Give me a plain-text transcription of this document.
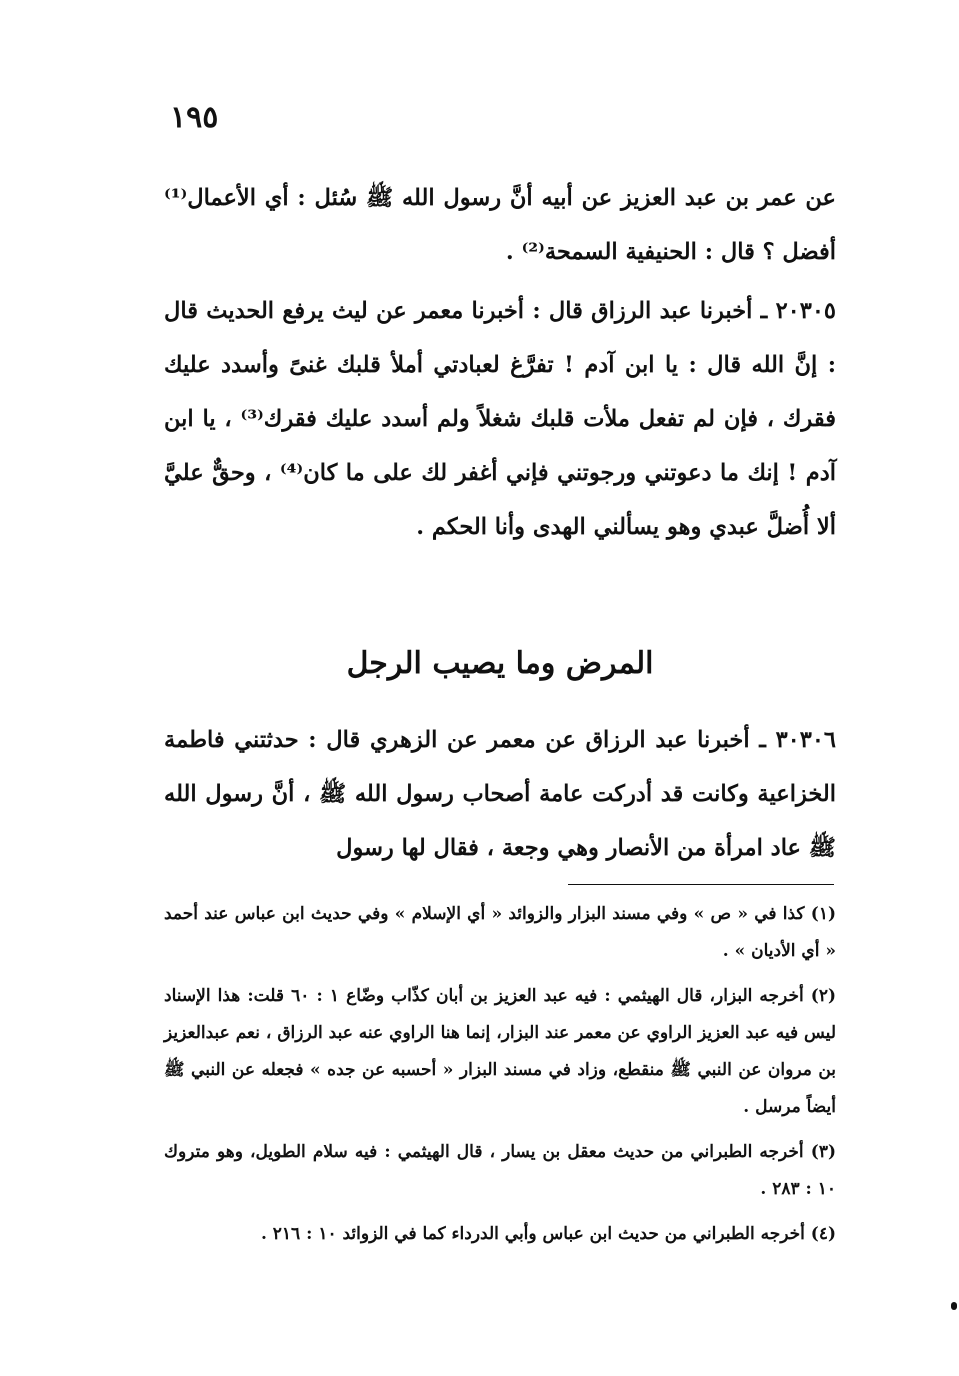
١٩٥

عن عمر بن عبد العزيز عن أبيه أنَّ رسول الله ﷺ سُئل : أي الأعمال⁽¹⁾ أفضل ؟ قال : الحنيفية السمحة⁽²⁾ .

٢٠٣٠٥ ـ أخبرنا عبد الرزاق قال : أخبرنا معمر عن ليث يرفع الحديث قال : إنَّ الله قال : يا ابن آدم ! تفرَّغ لعبادتي أملأ قلبك غنىً وأسدد عليك فقرك ، فإن لم تفعل ملأت قلبك شغلاً ولم أسدد عليك فقرك⁽³⁾ ، يا ابن آدم ! إنك ما دعوتني ورجوتني فإني أغفر لك على ما كان⁽⁴⁾ ، وحقٌّ عليَّ ألا أُضلَّ عبدي وهو يسألني الهدى وأنا الحكم .

المرض وما يصيب الرجل

٣٠٣٠٦ ـ أخبرنا عبد الرزاق عن معمر عن الزهري قال : حدثتني فاطمة الخزاعية وكانت قد أدركت عامة أصحاب رسول الله ﷺ ، أنَّ رسول الله ﷺ عاد امرأة من الأنصار وهي وجعة ، فقال لها رسول

(١) كذا في « ص » وفي مسند البزار والزوائد « أي الإسلام » وفي حديث ابن عباس عند أحمد « أي الأديان » .

(٢) أخرجه البزار، قال الهيثمي : فيه عبد العزيز بن أبان كذّاب وضّاع ١ : ٦٠ قلت: هذا الإسناد ليس فيه عبد العزيز الراوي عن معمر عند البزار، إنما هنا الراوي عنه عبد الرزاق ، نعم عبدالعزيز بن مروان عن النبي ﷺ منقطع، وزاد في مسند البزار « أحسبه عن جده » فجعله عن النبي ﷺ أيضاً مرسل .

(٣) أخرجه الطبراني من حديث معقل بن يسار ، قال الهيثمي : فيه سلام الطويل، وهو متروك ١٠ : ٢٨٣ .

(٤) أخرجه الطبراني من حديث ابن عباس وأبي الدرداء كما في الزوائد ١٠ : ٢١٦ .
